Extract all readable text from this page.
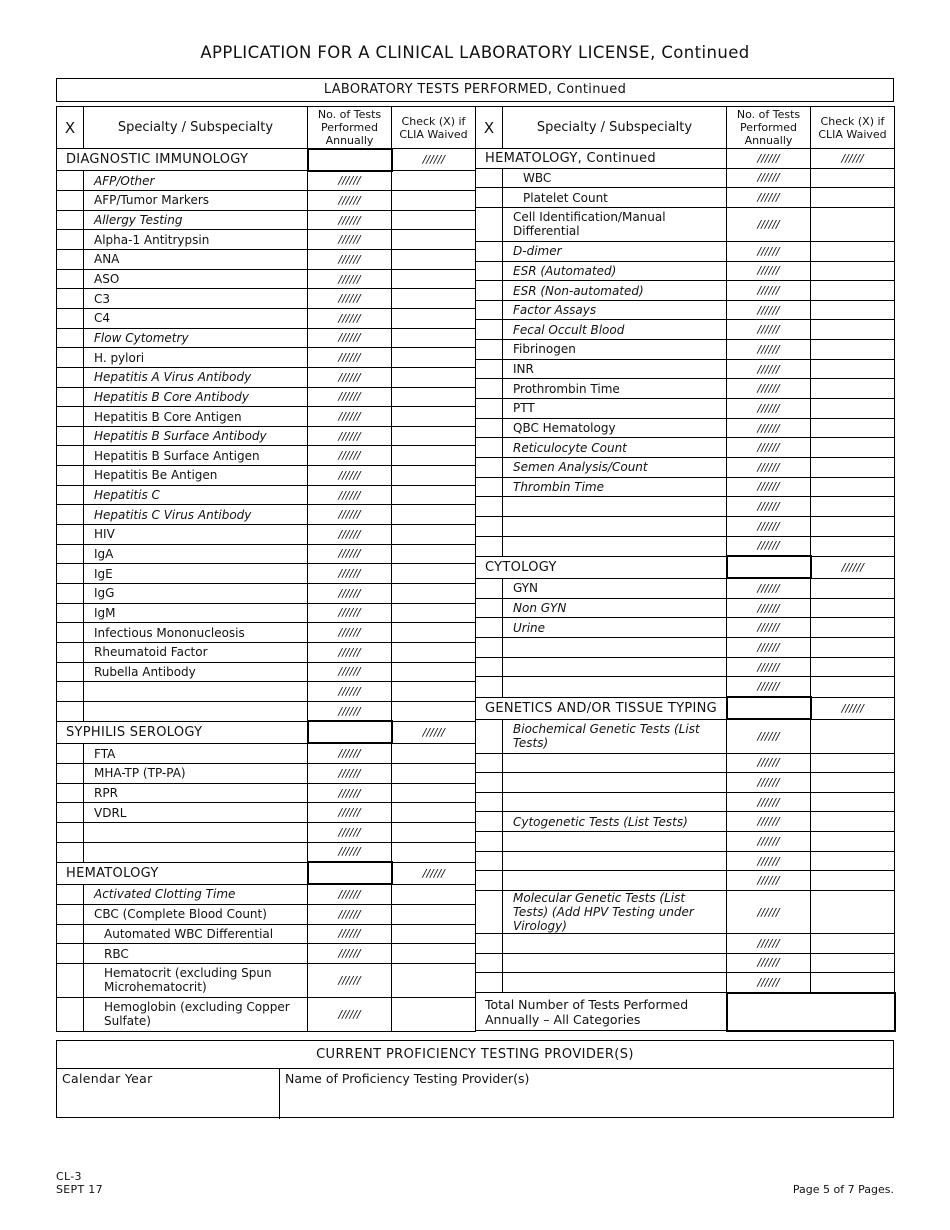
APPLICATION FOR A CLINICAL LABORATORY LICENSE, Continued
LABORATORY TESTS PERFORMED, Continued
X	Specialty / Subspecialty	No. of Tests Performed Annually	Check (X) if CLIA Waived
DIAGNOSTIC IMMUNOLOGY			//////
	AFP/Other	//////	
	AFP/Tumor Markers	//////	
	Allergy Testing	//////	
	Alpha-1 Antitrypsin	//////	
	ANA	//////	
	ASO	//////	
	C3	//////	
	C4	//////	
	Flow Cytometry	//////	
	H. pylori	//////	
	Hepatitis A Virus Antibody	//////	
	Hepatitis B Core Antibody	//////	
	Hepatitis B Core Antigen	//////	
	Hepatitis B Surface Antibody	//////	
	Hepatitis B Surface Antigen	//////	
	Hepatitis Be Antigen	//////	
	Hepatitis C	//////	
	Hepatitis C Virus Antibody	//////	
	HIV	//////	
	IgA	//////	
	IgE	//////	
	IgG	//////	
	IgM	//////	
	Infectious Mononucleosis	//////	
	Rheumatoid Factor	//////	
	Rubella Antibody	//////	
		//////	
		//////	
SYPHILIS SEROLOGY			//////
	FTA	//////	
	MHA-TP (TP-PA)	//////	
	RPR	//////	
	VDRL	//////	
		//////	
		//////	
HEMATOLOGY			//////
	Activated Clotting Time	//////	
	CBC (Complete Blood Count)	//////	
	Automated WBC Differential	//////	
	RBC	//////	
	Hematocrit (excluding Spun Microhematocrit)	//////	
	Hemoglobin (excluding Copper Sulfate)	//////	
X	Specialty / Subspecialty	No. of Tests Performed Annually	Check (X) if CLIA Waived
HEMATOLOGY, Continued		//////	//////
	WBC	//////	
	Platelet Count	//////	
	Cell Identification/Manual Differential	//////	
	D-dimer	//////	
	ESR (Automated)	//////	
	ESR (Non-automated)	//////	
	Factor Assays	//////	
	Fecal Occult Blood	//////	
	Fibrinogen	//////	
	INR	//////	
	Prothrombin Time	//////	
	PTT	//////	
	QBC Hematology	//////	
	Reticulocyte Count	//////	
	Semen Analysis/Count	//////	
	Thrombin Time	//////	
		//////	
		//////	
		//////	
CYTOLOGY			//////
	GYN	//////	
	Non GYN	//////	
	Urine	//////	
		//////	
		//////	
		//////	
GENETICS AND/OR TISSUE TYPING			//////
	Biochemical Genetic Tests (List Tests)	//////	
		//////	
		//////	
		//////	
	Cytogenetic Tests (List Tests)	//////	
		//////	
		//////	
		//////	
	Molecular Genetic Tests (List Tests) (Add HPV Testing under Virology)	//////	
		//////	
		//////	
		//////	
Total Number of Tests Performed Annually – All Categories			
CURRENT PROFICIENCY TESTING PROVIDER(S)
Calendar Year	Name of Proficiency Testing Provider(s)
CL-3
SEPT 17	Page 5 of 7 Pages.
